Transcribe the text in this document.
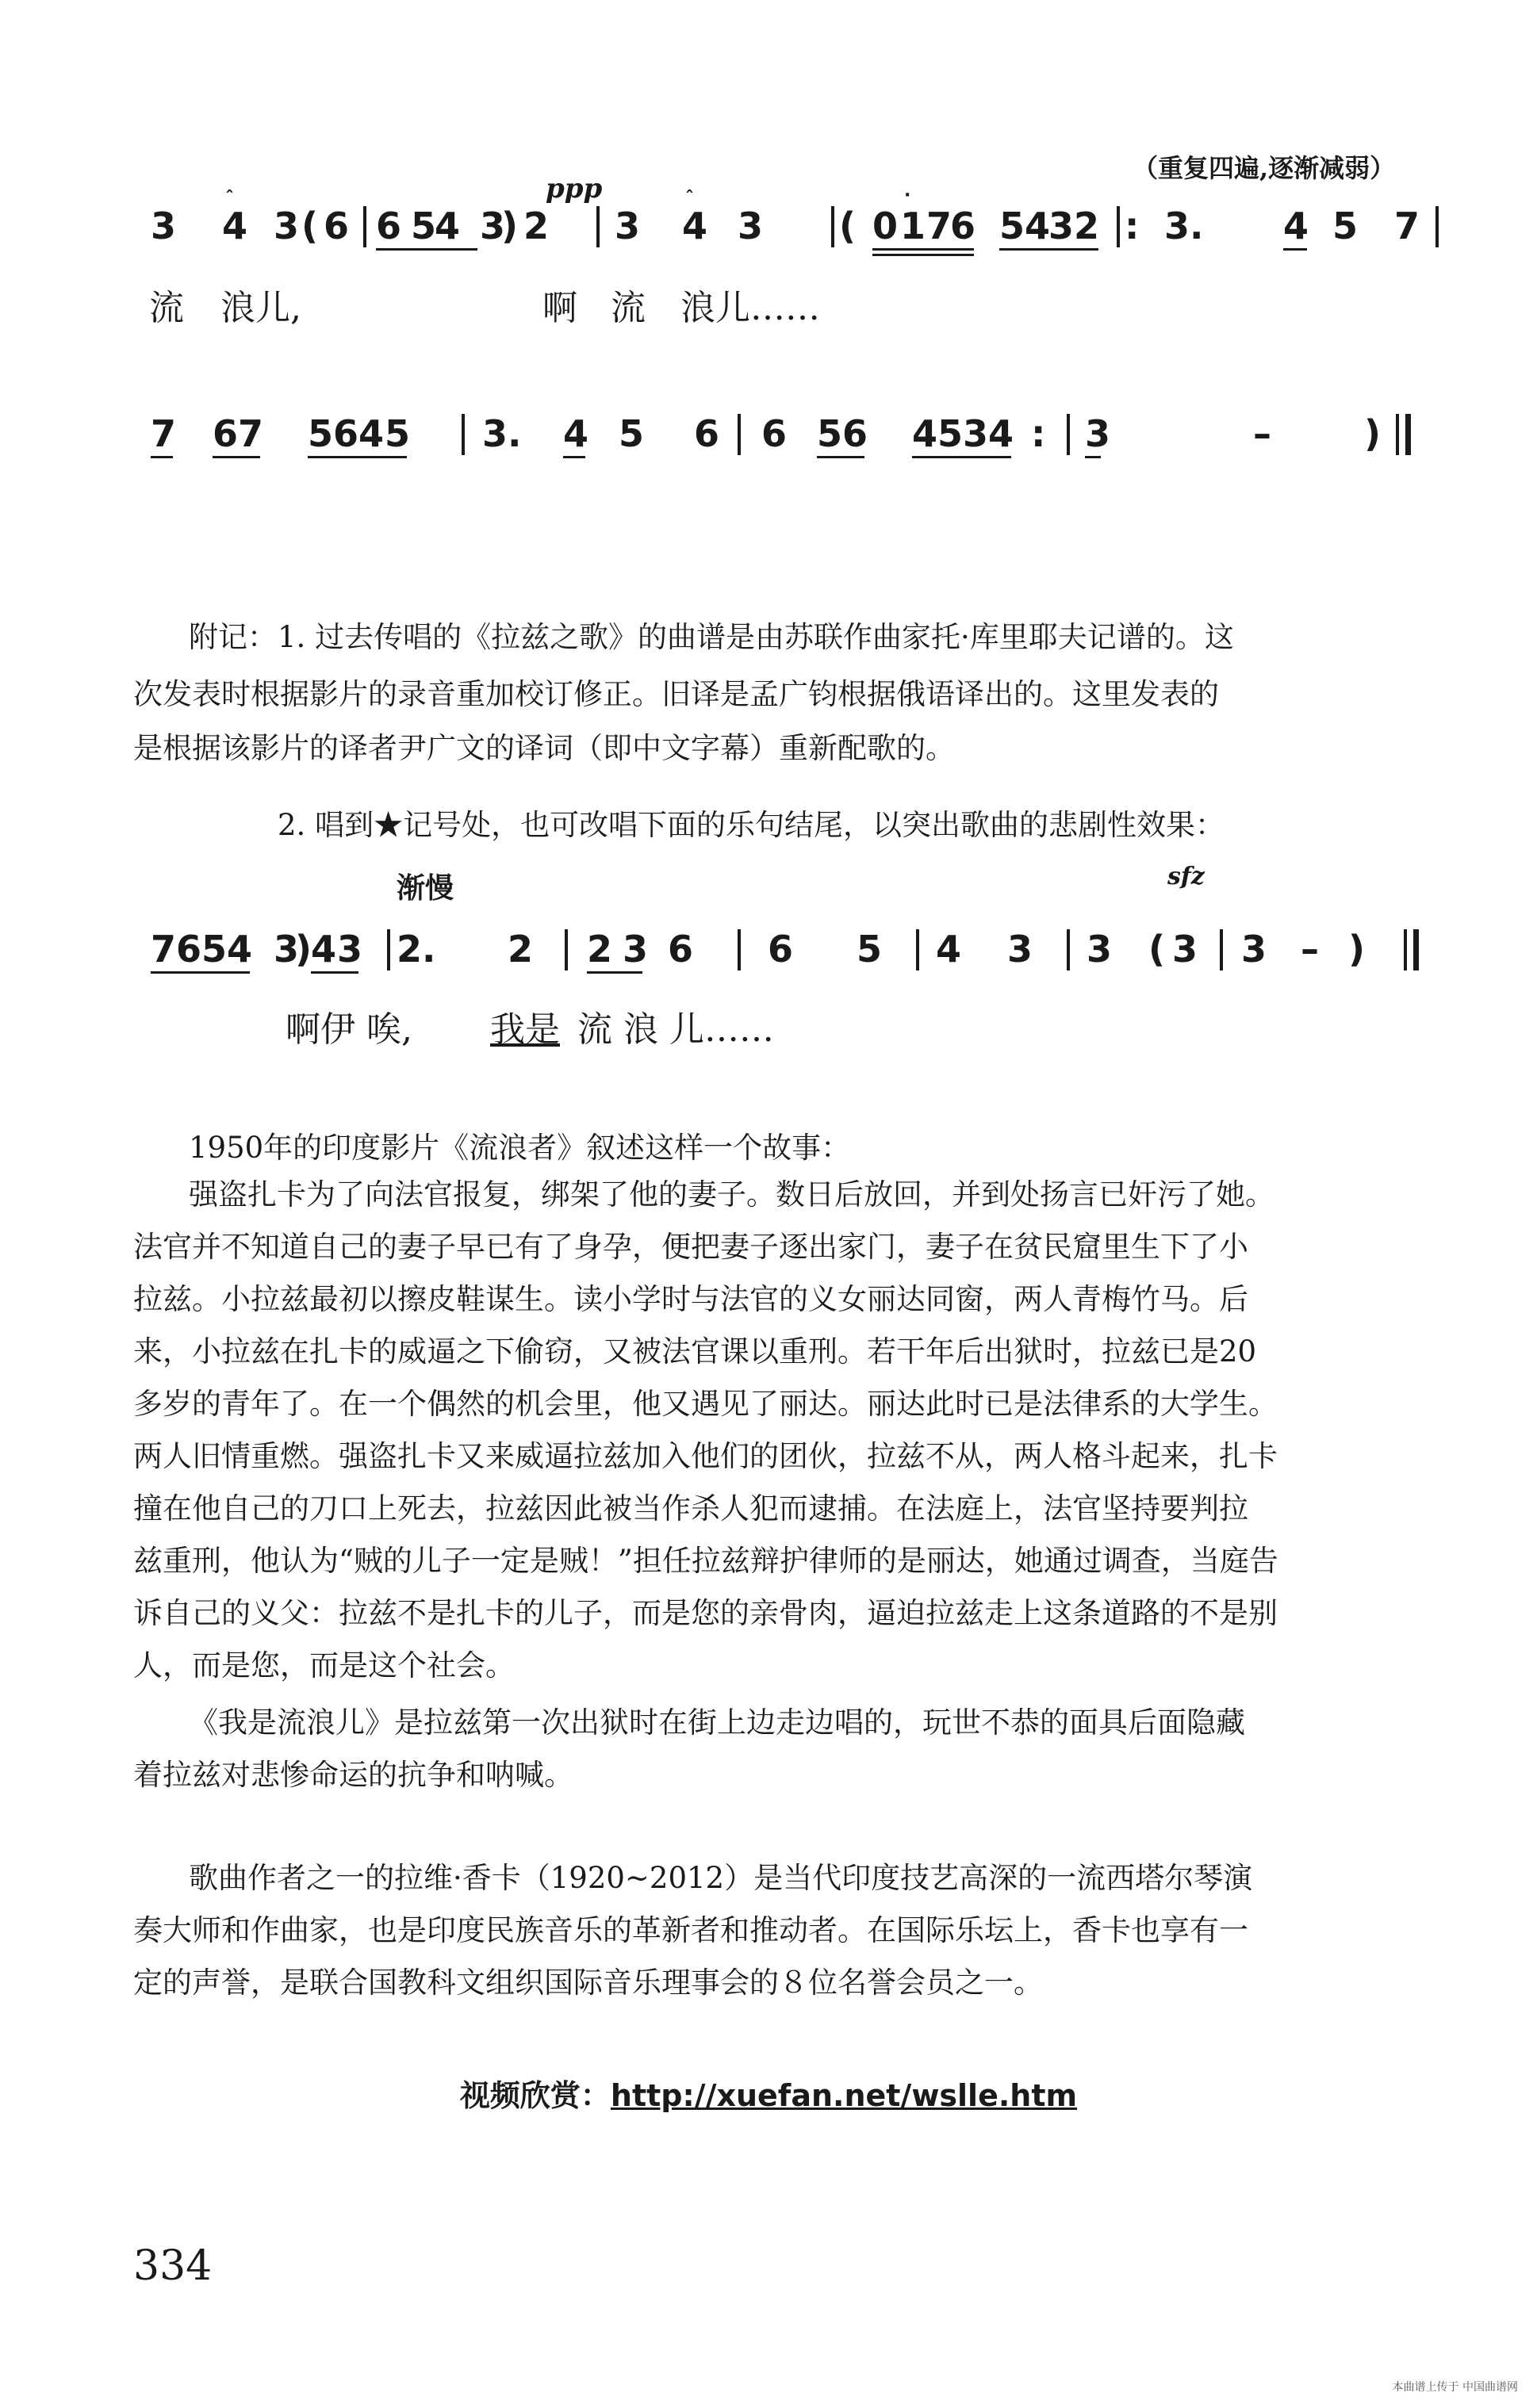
（重复四遍,逐渐减弱）
ppp
3 4
ˆ
3 ( 6 6 5
4 3
) 2 3 4
ˆ
3 ( 0 1 7
6
·
5 4
3 2 : 3. 4 5 7
流 浪儿,	啊 流 浪儿……
7 6 7 5 6 4 5 3. 4 5 6 6 5 6 4 5 3 4 : 3	–	)
附记： 1. 过去传唱的《拉兹之歌》的曲谱是由苏联作曲家托·库里耶夫记谱的。这
次发表时根据影片的录音重加校订修正。旧译是孟广钧根据俄语译出的。这里发表的
是根据该影片的译者尹广文的译词（即中文字幕）重新配歌的。
2. 唱到★记号处，也可改唱下面的乐句结尾，以突出歌曲的悲剧性效果：
渐慢	sfz
7 6 5 4 3
)
4 3 2. 2 2 3 6 6 5 4 3 3 ( 3 3 – )
啊伊 唉, 我是 流 浪 儿……
1950年的印度影片《流浪者》叙述这样一个故事：
强盗扎卡为了向法官报复，绑架了他的妻子。数日后放回，并到处扬言已奸污了她。
法官并不知道自己的妻子早已有了身孕，便把妻子逐出家门，妻子在贫民窟里生下了小
拉兹。小拉兹最初以擦皮鞋谋生。读小学时与法官的义女丽达同窗，两人青梅竹马。后
来，小拉兹在扎卡的威逼之下偷窃，又被法官课以重刑。若干年后出狱时，拉兹已是20
多岁的青年了。在一个偶然的机会里，他又遇见了丽达。丽达此时已是法律系的大学生。
两人旧情重燃。强盗扎卡又来威逼拉兹加入他们的团伙，拉兹不从，两人格斗起来，扎卡
撞在他自己的刀口上死去，拉兹因此被当作杀人犯而逮捕。在法庭上，法官坚持要判拉
兹重刑，他认为“贼的儿子一定是贼！”担任拉兹辩护律师的是丽达，她通过调查，当庭告
诉自己的义父：拉兹不是扎卡的儿子，而是您的亲骨肉，逼迫拉兹走上这条道路的不是别
人，而是您，而是这个社会。
《我是流浪儿》是拉兹第一次出狱时在街上边走边唱的，玩世不恭的面具后面隐藏
着拉兹对悲惨命运的抗争和呐喊。
歌曲作者之一的拉维·香卡（1920~2012）是当代印度技艺高深的一流西塔尔琴演
奏大师和作曲家，也是印度民族音乐的革新者和推动者。在国际乐坛上，香卡也享有一
定的声誉，是联合国教科文组织国际音乐理事会的８位名誉会员之一。
视频欣赏：http://xuefan.net/wslle.htm
334
本曲谱上传于 中国曲谱网
